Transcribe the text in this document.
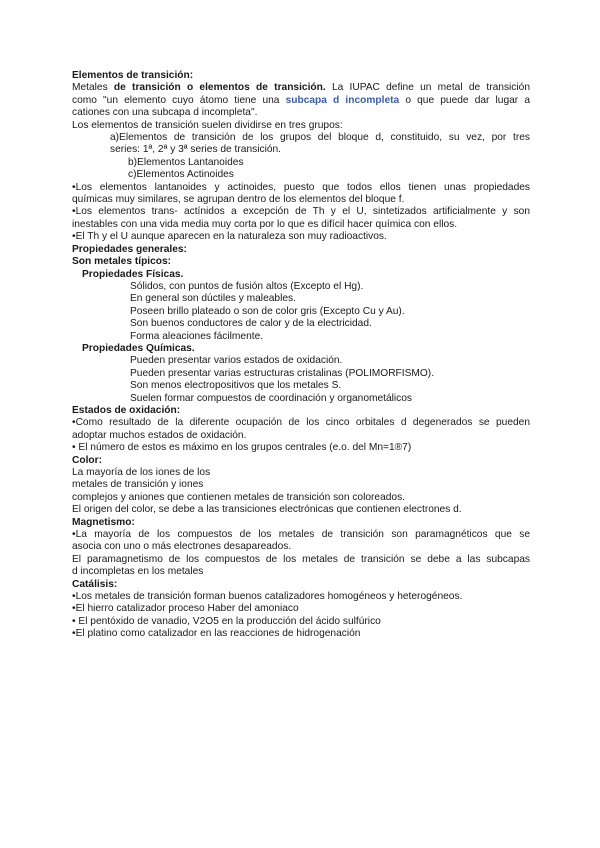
Elementos de transición:
Metales de transición o elementos de transición. La IUPAC define un metal de transición
como "un elemento cuyo átomo tiene una subcapa d incompleta o que puede dar lugar a
cationes con una subcapa d incompleta".
Los elementos de transición suelen dividirse en tres grupos:
a)Elementos de transición de los grupos del bloque d, constituido, su vez, por tres
series: 1ª, 2ª y 3ª series de transición.
b)Elementos Lantanoides
c)Elementos Actinoides
•Los elementos lantanoides y actinoides, puesto que todos ellos tienen unas propiedades
químicas muy similares, se agrupan dentro de los elementos del bloque f.
•Los elementos trans- actínidos a excepción de Th y el U, sintetizados artificialmente y son
inestables con una vida media muy corta por lo que es difícil hacer química con ellos.
•El Th y el U aunque aparecen en la naturaleza son muy radioactivos.
Propiedades generales:
Son metales típicos:
Propiedades Físicas.
Sólidos, con puntos de fusión altos (Excepto el Hg).
En general son dúctiles y maleables.
Poseen brillo plateado o son de color gris (Excepto Cu y Au).
Son buenos conductores de calor y de la electricidad.
Forma aleaciones fácilmente.
Propiedades Químicas.
Pueden presentar varios estados de oxidación.
Pueden presentar varias estructuras cristalinas (POLIMORFISMO).
Son menos electropositivos que los metales S.
Suelen formar compuestos de coordinación y organometálicos
Estados de oxidación:
•Como resultado de la diferente ocupación de los cinco orbitales d degenerados se pueden
adoptar muchos estados de oxidación.
• El número de estos es máximo en los grupos centrales (e.o. del Mn=1®7)
Color:
La mayoría de los iones de los
metales de transición y iones
complejos y aniones que contienen metales de transición son coloreados.
El origen del color, se debe a las transiciones electrónicas que contienen electrones d.
Magnetismo:
•La mayoría de los compuestos de los metales de transición son paramagnéticos que se
asocia con uno o más electrones desapareados.
El paramagnetismo de los compuestos de los metales de transición se debe a las subcapas
d incompletas en los metales
Catálisis:
•Los metales de transición forman buenos catalizadores homogéneos y heterogéneos.
•El hierro catalizador proceso Haber del amoniaco
• El pentóxido de vanadio, V2O5 en la producción del ácido sulfúrico
•El platino como catalizador en las reacciones de hidrogenación
